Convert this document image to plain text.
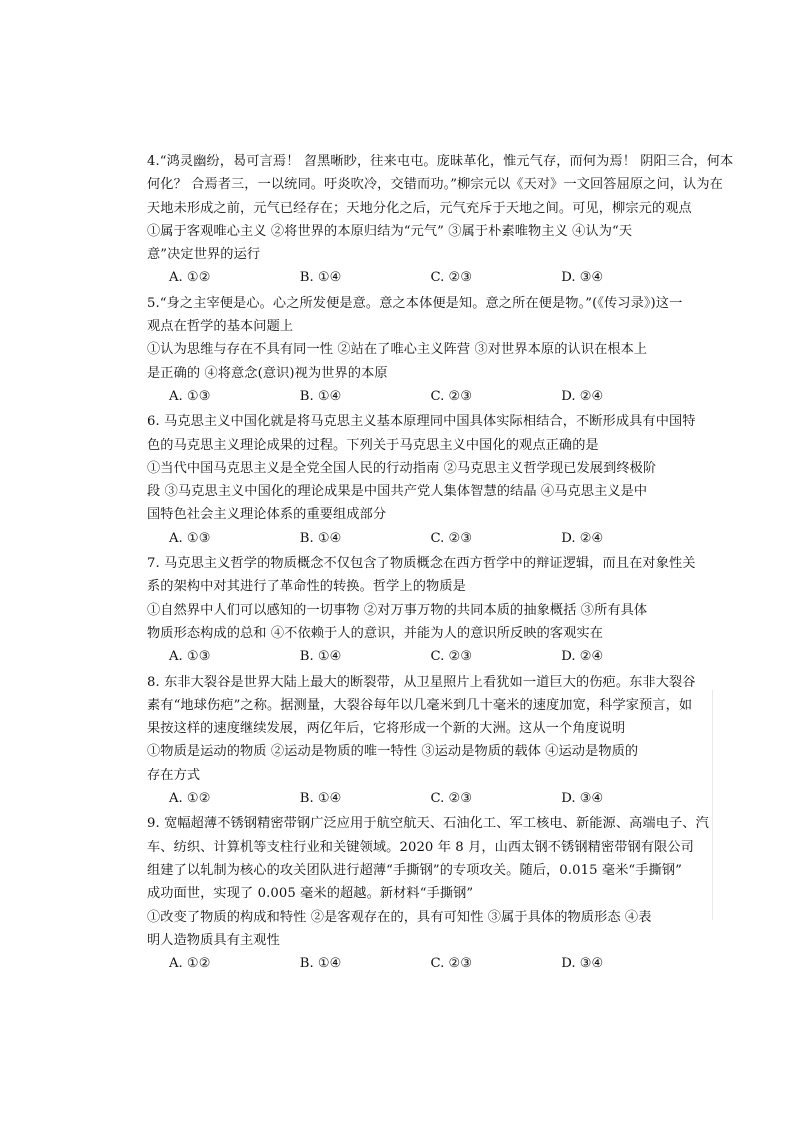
4.“鸿灵幽纷，曷可言焉！ 曶黑晰眇，往来屯屯。庞昧革化，惟元气存，而何为焉！ 阴阳三合，何本
何化？ 合焉者三，一以统同。吁炎吹冷，交错而功。”柳宗元以《天对》一文回答屈原之问，认为在
天地未形成之前，元气已经存在；天地分化之后，元气充斥于天地之间。可见，柳宗元的观点
①属于客观唯心主义 ②将世界的本原归结为“元气” ③属于朴素唯物主义 ④认为“天
意”决定世界的运行
A. ①②	B. ①④	C. ②③	D. ③④
5.“身之主宰便是心。心之所发便是意。意之本体便是知。意之所在便是物。”(《传习录》)这一
观点在哲学的基本问题上
①认为思维与存在不具有同一性 ②站在了唯心主义阵营 ③对世界本原的认识在根本上
是正确的 ④将意念(意识)视为世界的本原
A. ①③	B. ①④	C. ②③	D. ②④
6. 马克思主义中国化就是将马克思主义基本原理同中国具体实际相结合，不断形成具有中国特
色的马克思主义理论成果的过程。下列关于马克思主义中国化的观点正确的是
①当代中国马克思主义是全党全国人民的行动指南 ②马克思主义哲学现已发展到终极阶
段 ③马克思主义中国化的理论成果是中国共产党人集体智慧的结晶 ④马克思主义是中
国特色社会主义理论体系的重要组成部分
A. ①③	B. ①④	C. ②③	D. ②④
7. 马克思主义哲学的物质概念不仅包含了物质概念在西方哲学中的辩证逻辑，而且在对象性关
系的架构中对其进行了革命性的转换。哲学上的物质是
①自然界中人们可以感知的一切事物 ②对万事万物的共同本质的抽象概括 ③所有具体
物质形态构成的总和 ④不依赖于人的意识，并能为人的意识所反映的客观实在
A. ①③	B. ①④	C. ②③	D. ②④
8. 东非大裂谷是世界大陆上最大的断裂带，从卫星照片上看犹如一道巨大的伤疤。东非大裂谷
素有“地球伤疤”之称。据测量，大裂谷每年以几毫米到几十毫米的速度加宽，科学家预言，如
果按这样的速度继续发展，两亿年后，它将形成一个新的大洲。这从一个角度说明
①物质是运动的物质 ②运动是物质的唯一特性 ③运动是物质的载体 ④运动是物质的
存在方式
A. ①②	B. ①④	C. ②③	D. ③④
9. 宽幅超薄不锈钢精密带钢广泛应用于航空航天、石油化工、军工核电、新能源、高端电子、汽
车、纺织、计算机等支柱行业和关键领域。2020 年 8 月，山西太钢不锈钢精密带钢有限公司
组建了以轧制为核心的攻关团队进行超薄“手撕钢”的专项攻关。随后，0.015 毫米“手撕钢”
成功面世，实现了 0.005 毫米的超越。新材料“手撕钢”
①改变了物质的构成和特性 ②是客观存在的，具有可知性 ③属于具体的物质形态 ④表
明人造物质具有主观性
A. ①②	B. ①④	C. ②③	D. ③④
